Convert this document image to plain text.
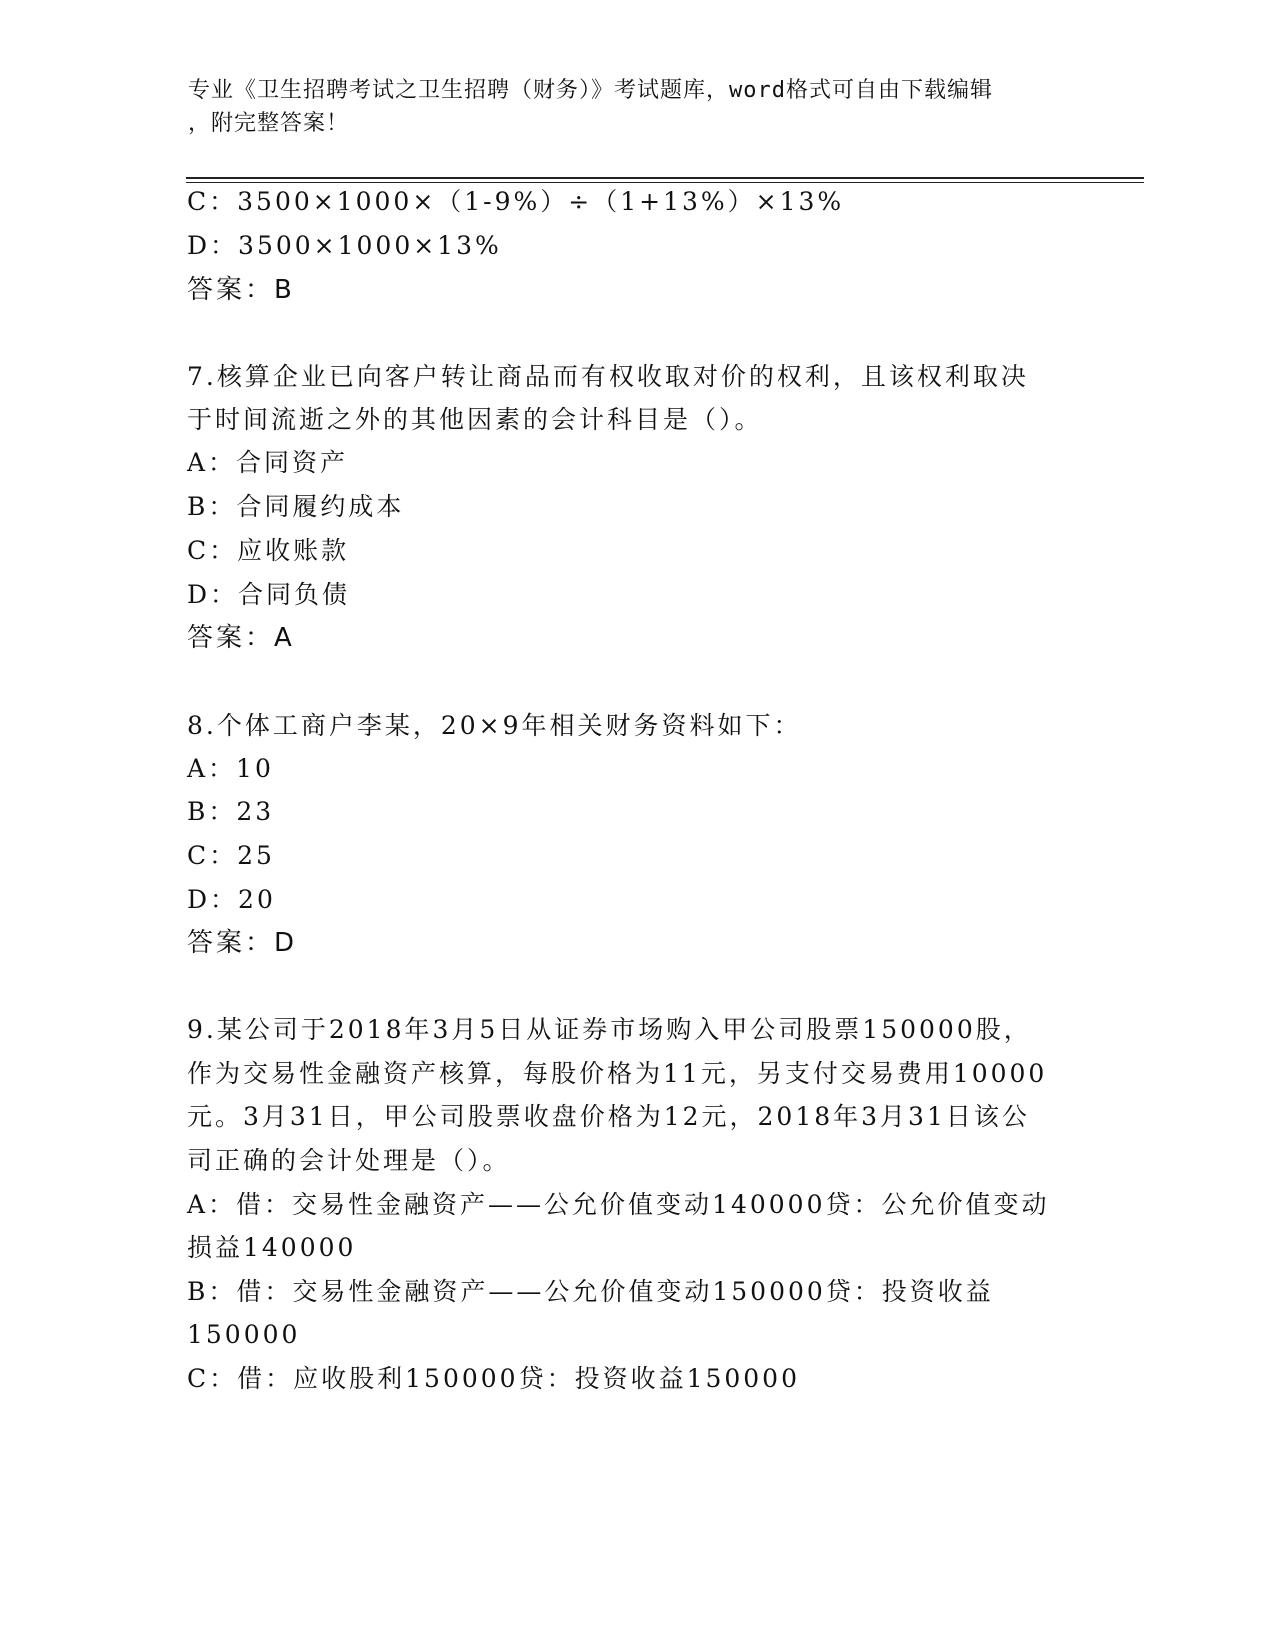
专业《卫生招聘考试之卫生招聘（财务）》考试题库，word格式可自由下载编辑
，附完整答案！
C：3500×1000×（1-9%）÷（1+13%）×13%
D：3500×1000×13%
答案：B
7.核算企业已向客户转让商品而有权收取对价的权利，且该权利取决
于时间流逝之外的其他因素的会计科目是（）。
A：合同资产
B：合同履约成本
C：应收账款
D：合同负债
答案：A
8.个体工商户李某，20×9年相关财务资料如下：
A：10
B：23
C：25
D：20
答案：D
9.某公司于2018年3月5日从证券市场购入甲公司股票150000股，
作为交易性金融资产核算，每股价格为11元，另支付交易费用10000
元。3月31日，甲公司股票收盘价格为12元，2018年3月31日该公
司正确的会计处理是（）。
A：借：交易性金融资产——公允价值变动140000贷：公允价值变动
损益140000
B：借：交易性金融资产——公允价值变动150000贷：投资收益
150000
C：借：应收股利150000贷：投资收益150000
